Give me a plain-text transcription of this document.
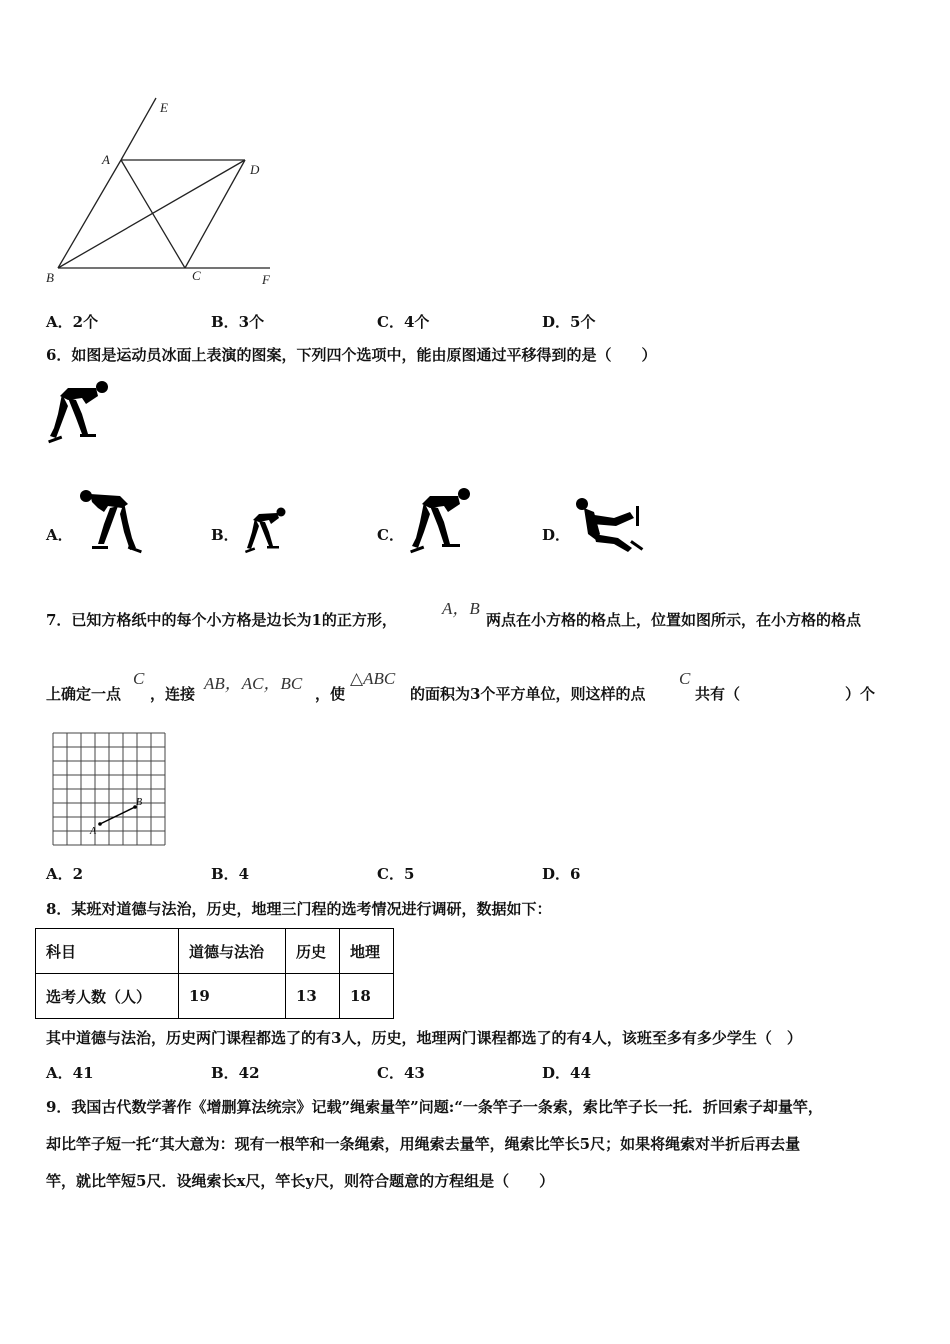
E
A
D
B	C	F
A．2个	B．3个	C．4个	D．5个
6．如图是运动员冰面上表演的图案，下列四个选项中，能由原图通过平移得到的是（　　）
A．	B．	C．	D．
7．已知方格纸中的每个小方格是边长为1的正方形，
A，B
两点在小方格的格点上，位置如图所示，在小方格的格点
上确定一点
C
，连接
AB，AC，BC
，使
△ABC
的面积为3个平方单位，则这样的点
C
共有（	）个
A
B
A．2	B．4	C．5	D．6
8．某班对道德与法治，历史，地理三门程的选考情况进行调研，数据如下：
科目	道德与法治	历史	地理
选考人数（人）	19	13	18
其中道德与法治，历史两门课程都选了的有3人，历史，地理两门课程都选了的有4人，该班至多有多少学生（　）
A．41	B．42	C．43	D．44
9．我国古代数学著作《增删算法统宗》记载”绳索量竿”问题:“一条竿子一条索，索比竿子长一托．折回索子却量竿，
却比竿子短一托“其大意为：现有一根竿和一条绳索，用绳索去量竿，绳索比竿长5尺；如果将绳索对半折后再去量
竿，就比竿短5尺．设绳索长x尺，竿长y尺，则符合题意的方程组是（　　）
